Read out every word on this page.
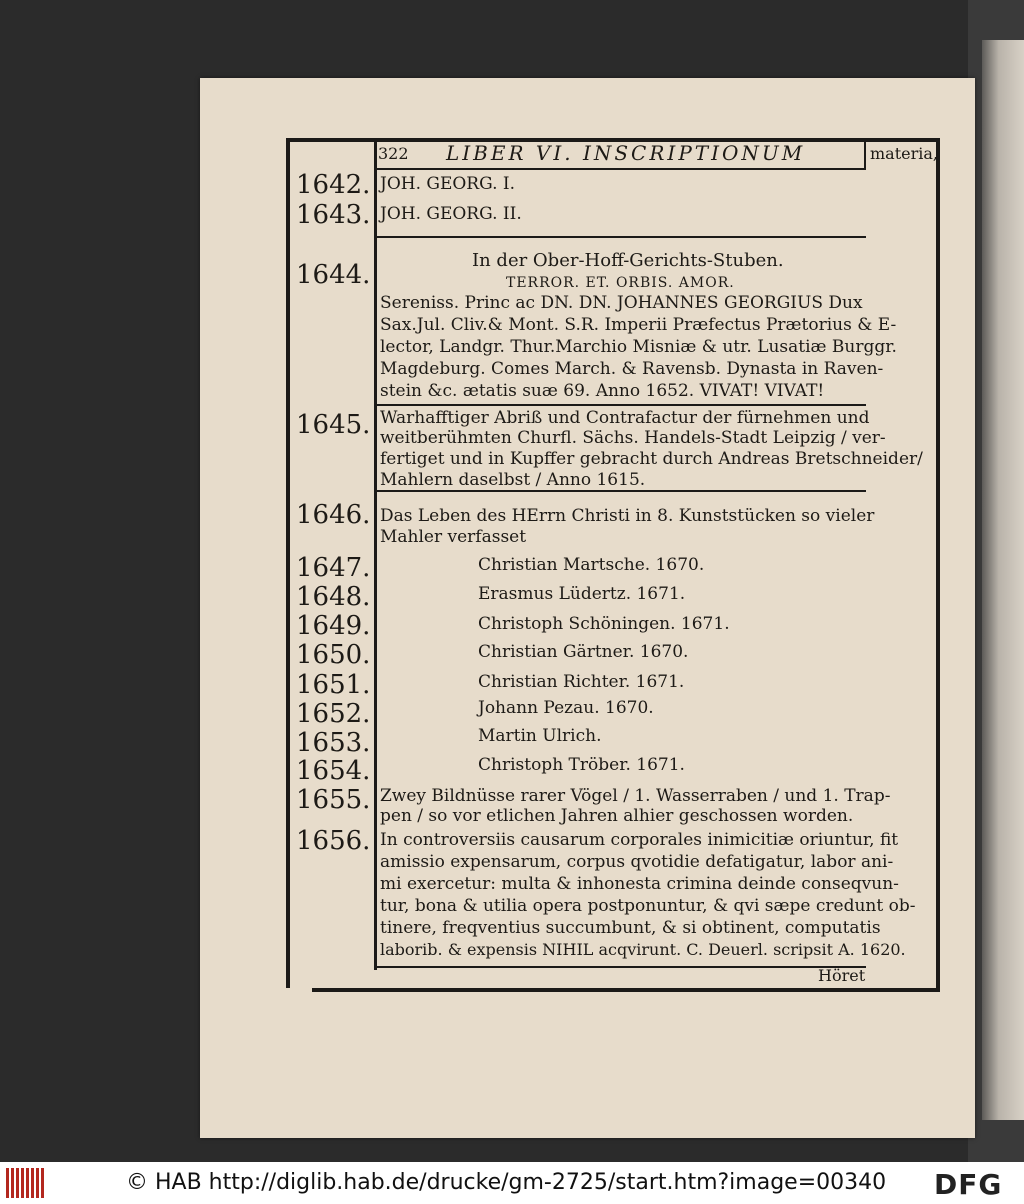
322 LIBER VI. INSCRIPTIONUM	materia,
1642. JOH. GEORG. I.
1643. JOH. GEORG. II.
1644.	In der Ober-Hoff-Gerichts-Stuben.
TERROR. ET. ORBIS. AMOR.
Sereniss. Princ ac DN. DN. JOHANNES GEORGIUS Dux
Sax.Jul. Cliv.& Mont. S.R. Imperii Præfectus Prætorius & E-
lector, Landgr. Thur.Marchio Misniæ & utr. Lusatiæ Burggr.
Magdeburg. Comes March. & Ravensb. Dynasta in Raven-
stein &c. ætatis suæ 69. Anno 1652. VIVAT! VIVAT!
1645. Warhafftiger Abriß und Contrafactur der fürnehmen und
weitberühmten Churfl. Sächs. Handels-Stadt Leipzig / ver-
fertiget und in Kupffer gebracht durch Andreas Bretschneider/
Mahlern daselbst / Anno 1615.
1646. Das Leben des HErrn Christi in 8. Kunststücken so vieler
Mahler verfasset
1647.	Christian Martsche. 1670.
1648.	Erasmus Lüdertz. 1671.
1649.	Christoph Schöningen. 1671.
1650.	Christian Gärtner. 1670.
1651.	Christian Richter. 1671.
1652.	Johann Pezau. 1670.
1653.	Martin Ulrich.
1654.	Christoph Tröber. 1671.
1655. Zwey Bildnüsse rarer Vögel / 1. Wasserraben / und 1. Trap-
pen / so vor etlichen Jahren alhier geschossen worden.
1656. In controversiis causarum corporales inimicitiæ oriuntur, fit
amissio expensarum, corpus qvotidie defatigatur, labor ani-
mi exercetur: multa & inhonesta crimina deinde conseqvun-
tur, bona & utilia opera postponuntur, & qvi sæpe credunt ob-
tinere, freqventius succumbunt, & si obtinent, computatis
laborib. & expensis NIHIL acqvirunt. C. Deuerl. scripsit A. 1620.
Höret
© HAB http://diglib.hab.de/drucke/gm-2725/start.htm?image=00340 DFG
